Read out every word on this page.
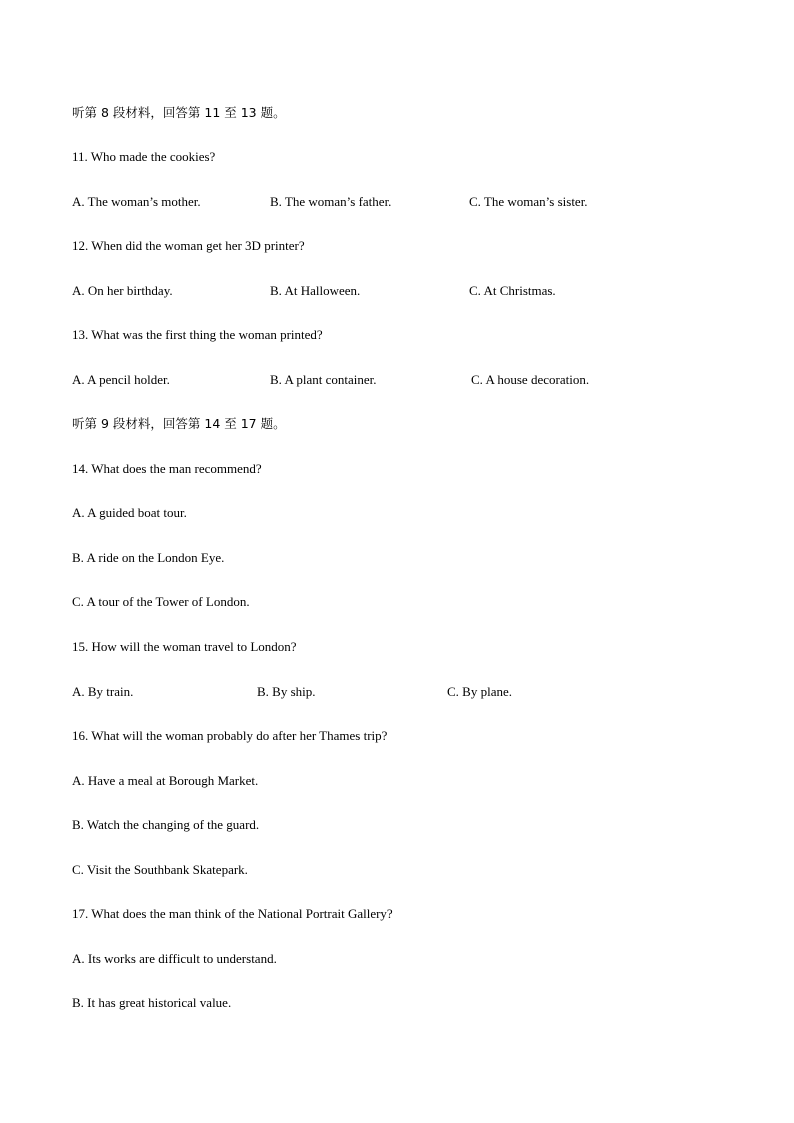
听第 8 段材料，回答第 11 至 13 题。
11. Who made the cookies?
A. The woman’s mother.	B. The woman’s father.	C. The woman’s sister.
12. When did the woman get her 3D printer?
A. On her birthday.	B. At Halloween.	C. At Christmas.
13. What was the first thing the woman printed?
A. A pencil holder.	B. A plant container.	C. A house decoration.
听第 9 段材料，回答第 14 至 17 题。
14. What does the man recommend?
A. A guided boat tour.
B. A ride on the London Eye.
C. A tour of the Tower of London.
15. How will the woman travel to London?
A. By train.	B. By ship.	C. By plane.
16. What will the woman probably do after her Thames trip?
A. Have a meal at Borough Market.
B. Watch the changing of the guard.
C. Visit the Southbank Skatepark.
17. What does the man think of the National Portrait Gallery?
A. Its works are difficult to understand.
B. It has great historical value.
